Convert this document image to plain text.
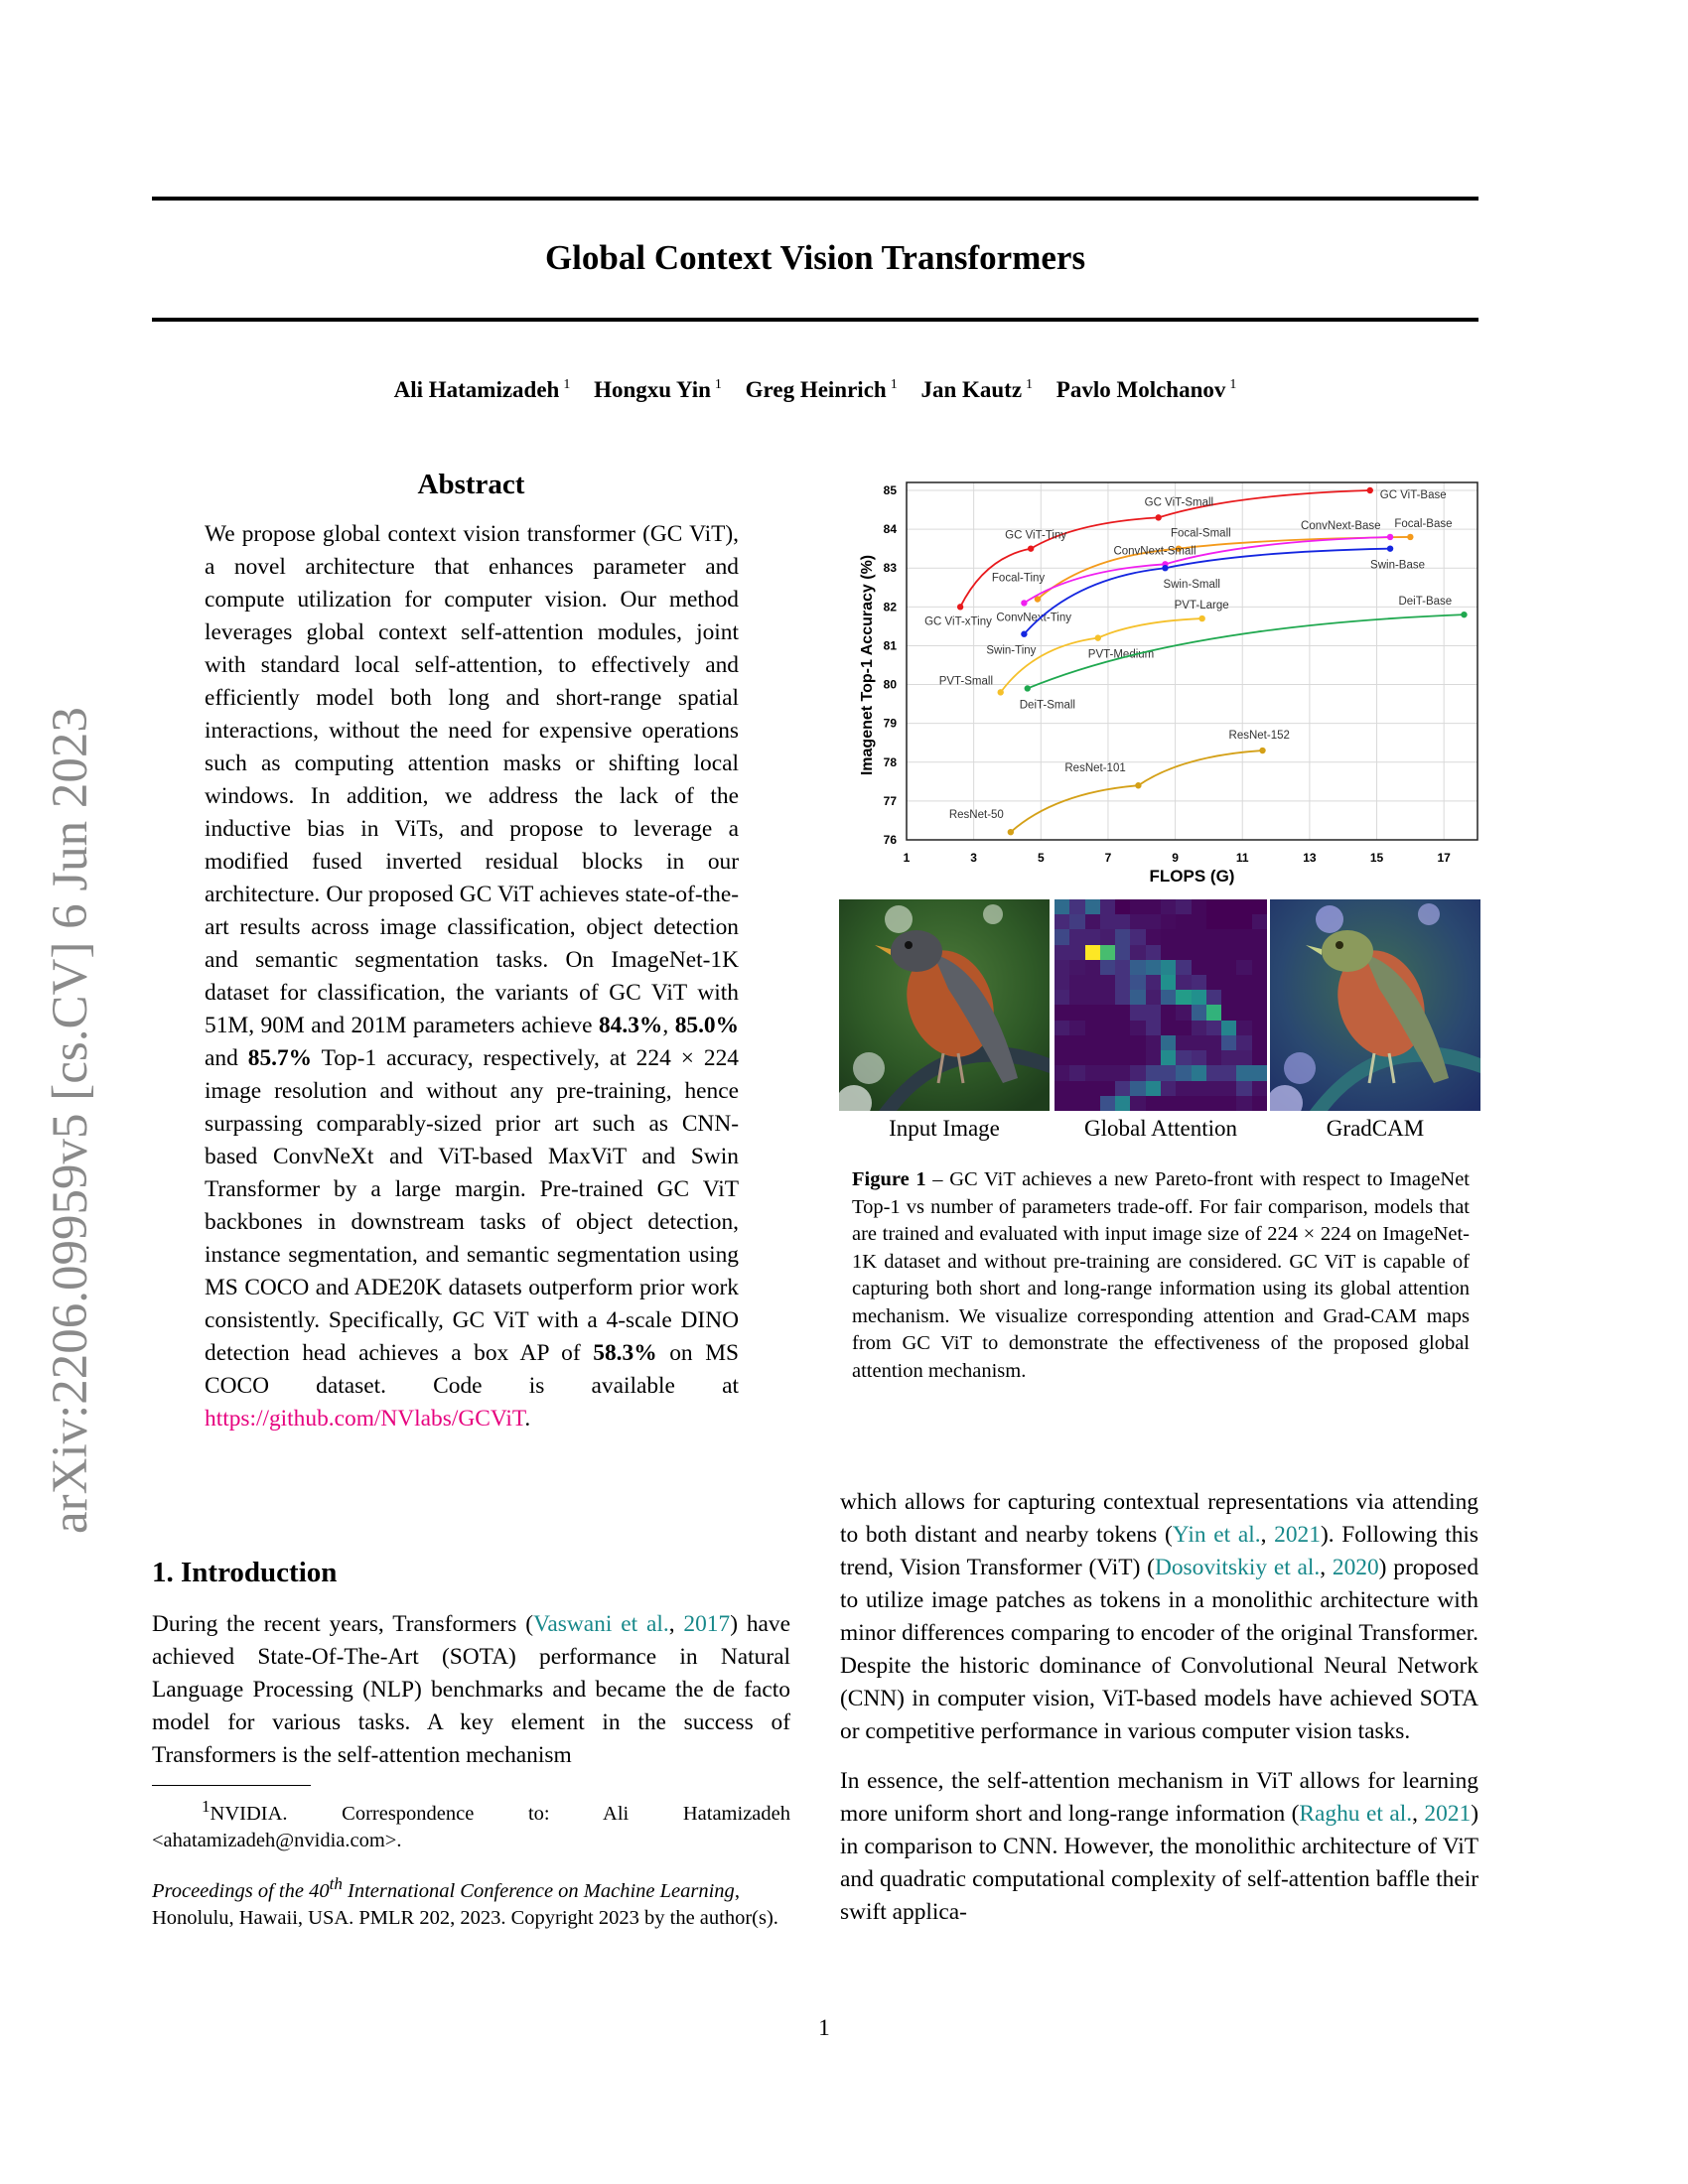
arXiv:2206.09959v5 [cs.CV] 6 Jun 2023
Global Context Vision Transformers
Ali Hatamizadeh $^1$ Hongxu Yin $^1$ Greg Heinrich $^1$ Jan Kautz $^1$ Pavlo Molchanov $^1$
Abstract
We propose global context vision transformer (GC ViT), a novel architecture that enhances parameter and compute utilization for computer vision. Our method leverages global context self-attention modules, joint with standard local self-attention, to effectively and efficiently model both long and short-range spatial interactions, without the need for expensive operations such as computing attention masks or shifting local windows. In addition, we address the lack of the inductive bias in ViTs, and propose to leverage a modified fused inverted residual blocks in our architecture. Our proposed GC ViT achieves state-of-the-art results across image classification, object detection and semantic segmentation tasks. On ImageNet-1K dataset for classification, the variants of GC ViT with 51M, 90M and 201M parameters achieve 84.3%, 85.0% and 85.7% Top-1 accuracy, respectively, at 224 × 224 image resolution and without any pre-training, hence surpassing comparably-sized prior art such as CNN-based ConvNeXt and ViT-based MaxViT and Swin Transformer by a large margin. Pre-trained GC ViT backbones in downstream tasks of object detection, instance segmentation, and semantic segmentation using MS COCO and ADE20K datasets outperform prior work consistently. Specifically, GC ViT with a 4-scale DINO detection head achieves a box AP of 58.3% on MS COCO dataset. Code is available at https://github.com/NVlabs/GCViT.
1. Introduction
During the recent years, Transformers (Vaswani et al., 2017) have achieved State-Of-The-Art (SOTA) performance in Natural Language Processing (NLP) benchmarks and became the de facto model for various tasks. A key element in the success of Transformers is the self-attention mechanism
$^1$NVIDIA. Correspondence to: Ali Hatamizadeh <ahatamizadeh@nvidia.com>.
Proceedings of the 40th International Conference on Machine Learning, Honolulu, Hawaii, USA. PMLR 202, 2023. Copyright 2023 by the author(s).
1	3	5	7	9	11	13	15	17
76
77
78
79
80
81
82
83
84
85
FLOPS (G)
Imagenet Top-1 Accuracy (%)	GC ViT-xTiny
GC ViT-Tiny
GC ViT-Small
GC ViT-Base
Focal-Tiny
Focal-Small
Focal-Base
ConvNext-Tiny
ConvNext-Small
ConvNext-Base
Swin-Tiny
Swin-Small
Swin-Base
PVT-Small
PVT-Medium
PVT-Large
DeiT-Small
DeiT-Base
ResNet-50
ResNet-101
ResNet-152
Input Image	Global Attention	GradCAM
Figure 1 – GC ViT achieves a new Pareto-front with respect to ImageNet Top-1 vs number of parameters trade-off. For fair comparison, models that are trained and evaluated with input image size of 224 × 224 on ImageNet-1K dataset and without pre-training are considered. GC ViT is capable of capturing both short and long-range information using its global attention mechanism. We visualize corresponding attention and Grad-CAM maps from GC ViT to demonstrate the effectiveness of the proposed global attention mechanism.

which allows for capturing contextual representations via attending to both distant and nearby tokens (Yin et al., 2021). Following this trend, Vision Transformer (ViT) (Dosovitskiy et al., 2020) proposed to utilize image patches as tokens in a monolithic architecture with minor differences comparing to encoder of the original Transformer. Despite the historic dominance of Convolutional Neural Network (CNN) in computer vision, ViT-based models have achieved SOTA or competitive performance in various computer vision tasks.

In essence, the self-attention mechanism in ViT allows for learning more uniform short and long-range information (Raghu et al., 2021) in comparison to CNN. However, the monolithic architecture of ViT and quadratic computational complexity of self-attention baffle their swift applica-

1
